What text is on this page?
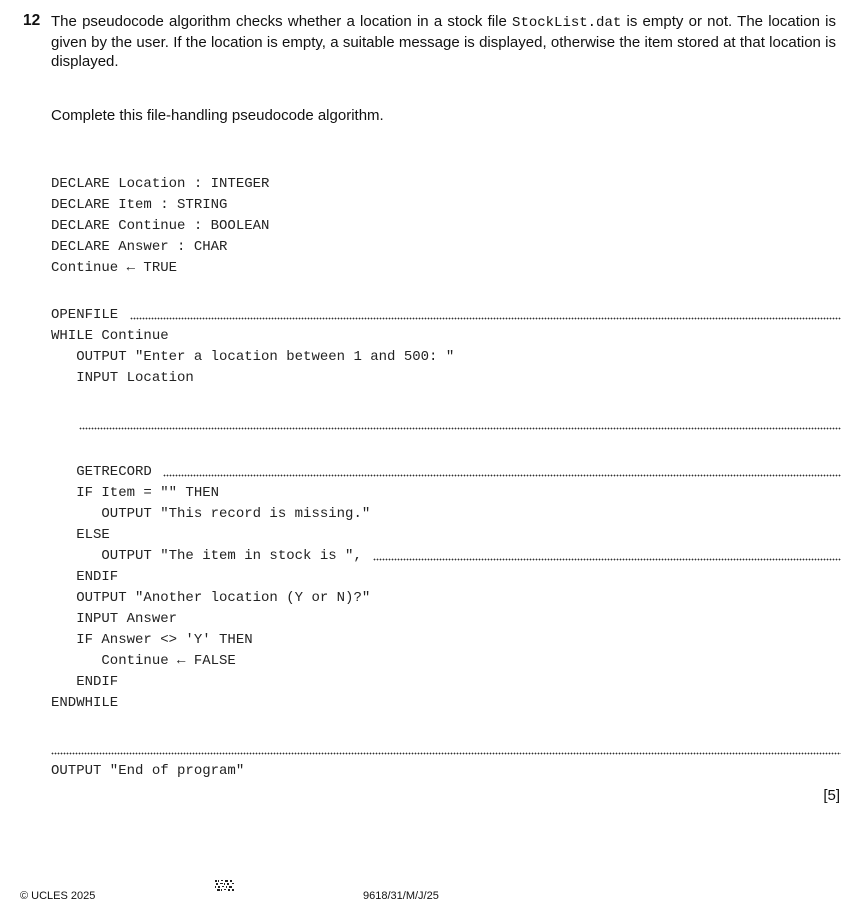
12 The pseudocode algorithm checks whether a location in a stock file StockList.dat is empty or not. The location is given by the user. If the location is empty, a suitable message is displayed, otherwise the item stored at that location is displayed.
Complete this file-handling pseudocode algorithm.
DECLARE Location : INTEGER
DECLARE Item : STRING
DECLARE Continue : BOOLEAN
DECLARE Answer : CHAR
Continue ← TRUE
OPENFILE
WHILE Continue
OUTPUT "Enter a location between 1 and 500: "
INPUT Location

GETRECORD
IF Item = "" THEN
OUTPUT "This record is missing."
ELSE
OUTPUT "The item in stock is ",
ENDIF
OUTPUT "Another location (Y or N)?"
INPUT Answer
IF Answer <> 'Y' THEN
Continue ← FALSE
ENDIF
ENDWHILE
OUTPUT "End of program"
[5]
© UCLES 2025	9618/31/M/J/25
